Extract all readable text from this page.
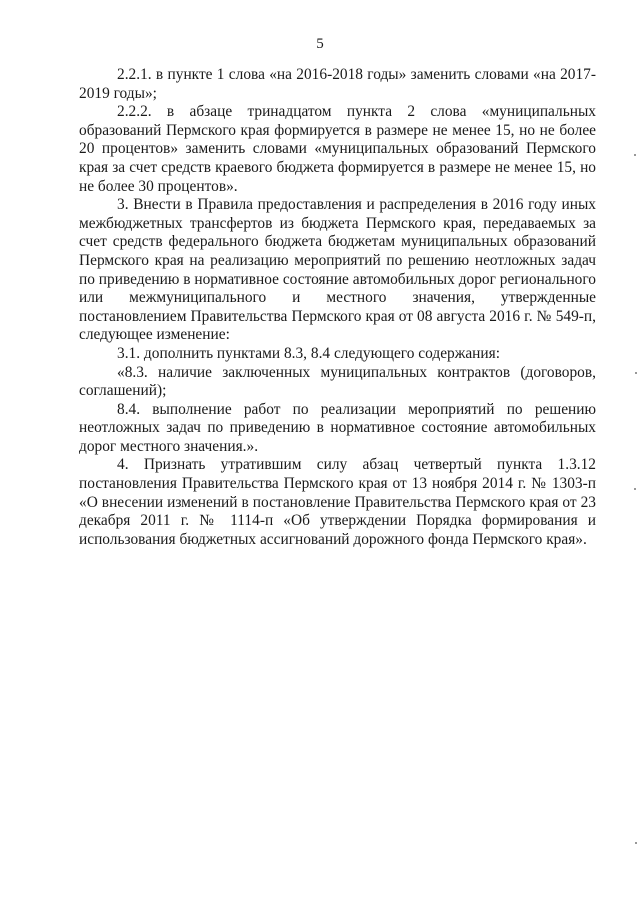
5

2.2.1. в пункте 1 слова «на 2016-2018 годы» заменить словами «на 2017-2019 годы»;

2.2.2. в абзаце тринадцатом пункта 2 слова «муниципальных образований Пермского края формируется в размере не менее 15, но не более 20 процентов» заменить словами «муниципальных образований Пермского края за счет средств краевого бюджета формируется в размере не менее 15, но не более 30 процентов».

3. Внести в Правила предоставления и распределения в 2016 году иных межбюджетных трансфертов из бюджета Пермского края, передаваемых за счет средств федерального бюджета бюджетам муниципальных образований Пермского края на реализацию мероприятий по решению неотложных задач по приведению в нормативное состояние автомобильных дорог регионального или межмуниципального и местного значения, утвержденные постановлением Правительства Пермского края от 08 августа 2016 г. № 549-п, следующее изменение:

3.1. дополнить пунктами 8.3, 8.4 следующего содержания:

«8.3. наличие заключенных муниципальных контрактов (договоров, соглашений);

8.4. выполнение работ по реализации мероприятий по решению неотложных задач по приведению в нормативное состояние автомобильных дорог местного значения.».

4. Признать утратившим силу абзац четвертый пункта 1.3.12 постановления Правительства Пермского края от 13 ноября 2014 г. № 1303-п «О внесении изменений в постановление Правительства Пермского края от 23 декабря 2011 г. № 1114-п «Об утверждении Порядка формирования и использования бюджетных ассигнований дорожного фонда Пермского края».
